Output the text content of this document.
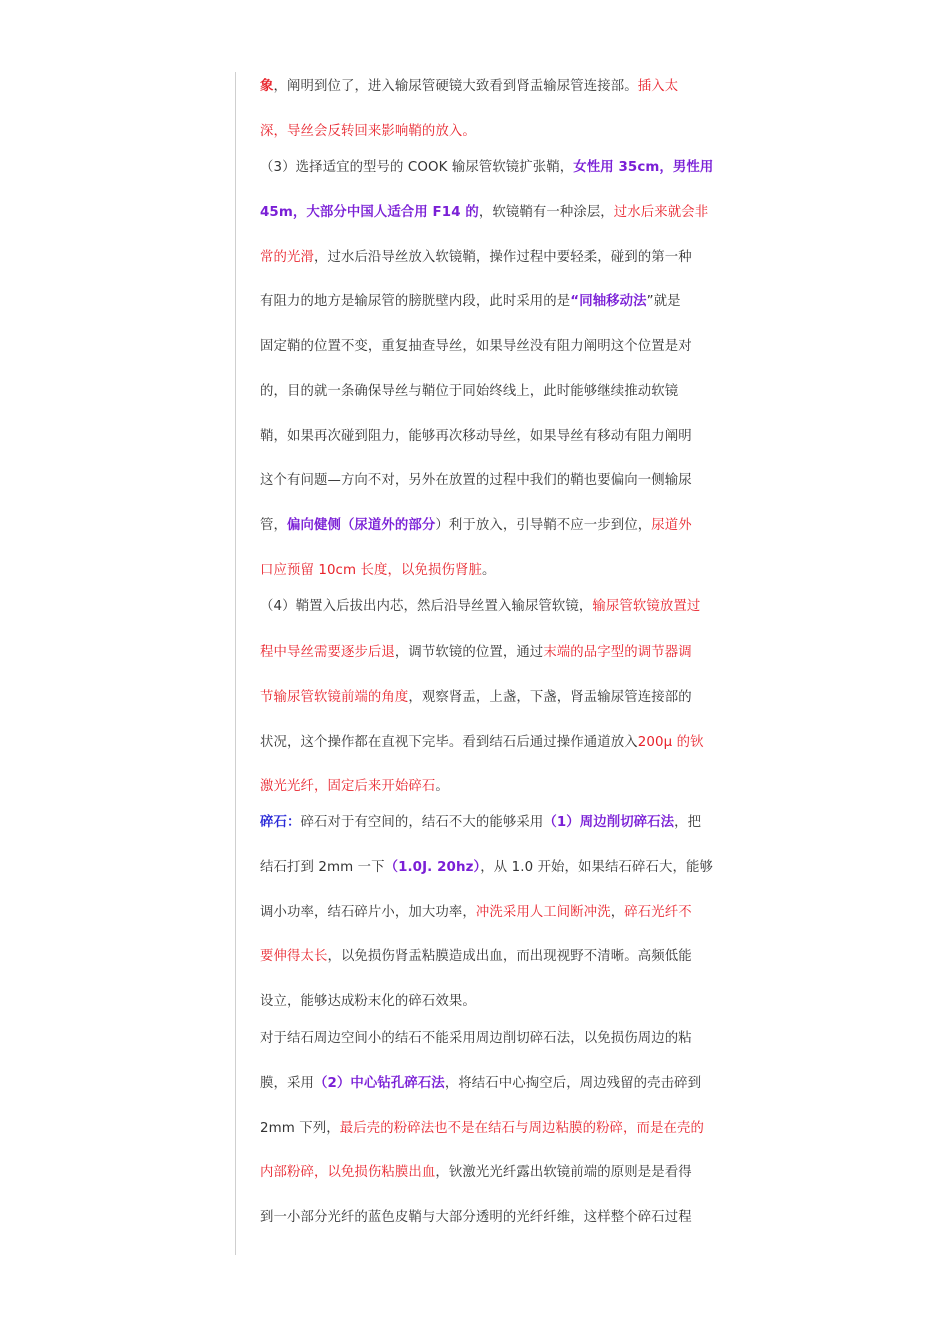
象，阐明到位了，进入输尿管硬镜大致看到肾盂输尿管连接部。插入太
深，导丝会反转回来影响鞘的放入。
（3）选择适宜的型号的 COOK 输尿管软镜扩张鞘，女性用 35cm，男性用
45m，大部分中国人适合用 F14 的，软镜鞘有一种涂层，过水后来就会非
常的光滑，过水后沿导丝放入软镜鞘，操作过程中要轻柔，碰到的第一种
有阻力的地方是输尿管的膀胱壁内段，此时采用的是“同轴移动法”就是
固定鞘的位置不变，重复抽查导丝，如果导丝没有阻力阐明这个位置是对
的，目的就一条确保导丝与鞘位于同始终线上，此时能够继续推动软镜
鞘，如果再次碰到阻力，能够再次移动导丝，如果导丝有移动有阻力阐明
这个有问题—方向不对，另外在放置的过程中我们的鞘也要偏向一侧输尿
管，偏向健侧（尿道外的部分）利于放入，引导鞘不应一步到位，尿道外
口应预留 10cm 长度，以免损伤肾脏。
（4）鞘置入后拔出内芯，然后沿导丝置入输尿管软镜，输尿管软镜放置过
程中导丝需要逐步后退，调节软镜的位置，通过末端的品字型的调节器调
节输尿管软镜前端的角度，观察肾盂，上盏，下盏，肾盂输尿管连接部的
状况，这个操作都在直视下完毕。看到结石后通过操作通道放入200μ 的钬
激光光纤，固定后来开始碎石。
碎石：碎石对于有空间的，结石不大的能够采用（1）周边削切碎石法，把
结石打到 2mm 一下（1.0J. 20hz），从 1.0 开始，如果结石碎石大，能够
调小功率，结石碎片小，加大功率，冲洗采用人工间断冲洗，碎石光纤不
要伸得太长，以免损伤肾盂粘膜造成出血，而出现视野不清晰。高频低能
设立，能够达成粉末化的碎石效果。
对于结石周边空间小的结石不能采用周边削切碎石法，以免损伤周边的粘
膜，采用（2）中心钻孔碎石法，将结石中心掏空后，周边残留的壳击碎到
2mm 下列，最后壳的粉碎法也不是在结石与周边粘膜的粉碎，而是在壳的
内部粉碎，以免损伤粘膜出血，钬激光光纤露出软镜前端的原则是是看得
到一小部分光纤的蓝色皮鞘与大部分透明的光纤纤维，这样整个碎石过程
